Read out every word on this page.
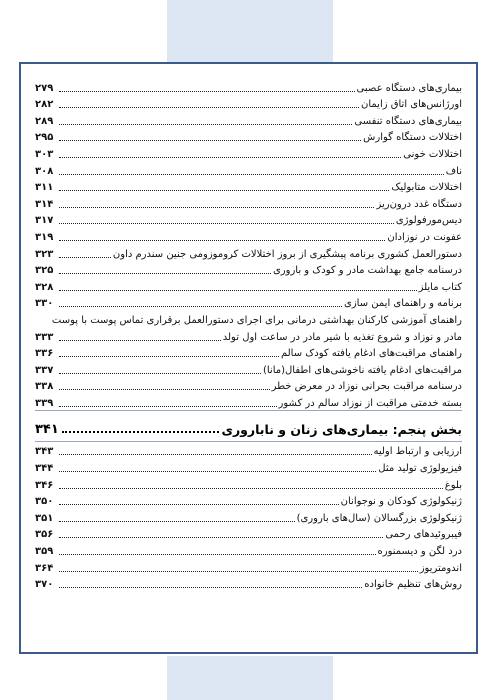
بیماری‌های دستگاه عصبی
۲۷۹
اورژانس‌های اتاق زایمان
۲۸۲
بیماری‌های دستگاه تنفسی
۲۸۹
اختلالات دستگاه گوارش
۲۹۵
اختلالات خونی
۳۰۳
ناف
۳۰۸
اختلالات متابولیک
۳۱۱
دستگاه غدد درون‌ریز
۳۱۴
دیس‌مورفولوژی
۳۱۷
عفونت در نوزادان
۳۱۹
دستورالعمل کشوری برنامه پیشگیری از بروز اختلالات کروموزومی جنین سندرم داون
۳۲۳
درسنامه جامع بهداشت مادر و کودک و باروری
۳۲۵
کتاب مایلز
۳۲۸
برنامه و راهنمای ایمن سازی
۳۳۰
راهنمای آموزشی کارکنان بهداشتی درمانی برای اجرای دستورالعمل برقراری تماس پوست با پوست
مادر و نوزاد و شروع تغذیه با شیر مادر در ساعت اول تولد
۳۳۳
راهنمای مراقبت‌های ادغام یافته کودک سالم
۳۳۶
مراقبت‌های ادغام یافته ناخوشی‌های اطفال(مانا)
۳۳۷
درسنامه مراقبت بحرانی نوزاد در معرض خطر
۳۳۸
بسته خدمتی مراقبت از نوزاد سالم در کشور
۳۳۹
بخش پنجم: بیماری‌های زنان و ناباروری
۳۴۱
ارزیابی و ارتباط اولیه
۳۴۳
فیزیولوژی تولید مثل
۳۴۴
بلوغ
۳۴۶
ژنیکولوژی کودکان و نوجوانان
۳۵۰
ژنیکولوژی بزرگسالان (سال‌های باروری)
۳۵۱
فیبروئیدهای رحمی
۳۵۶
درد لگن و دیسمنوره
۳۵۹
اندومتریوز
۳۶۴
روش‌های تنظیم خانواده
۳۷۰
